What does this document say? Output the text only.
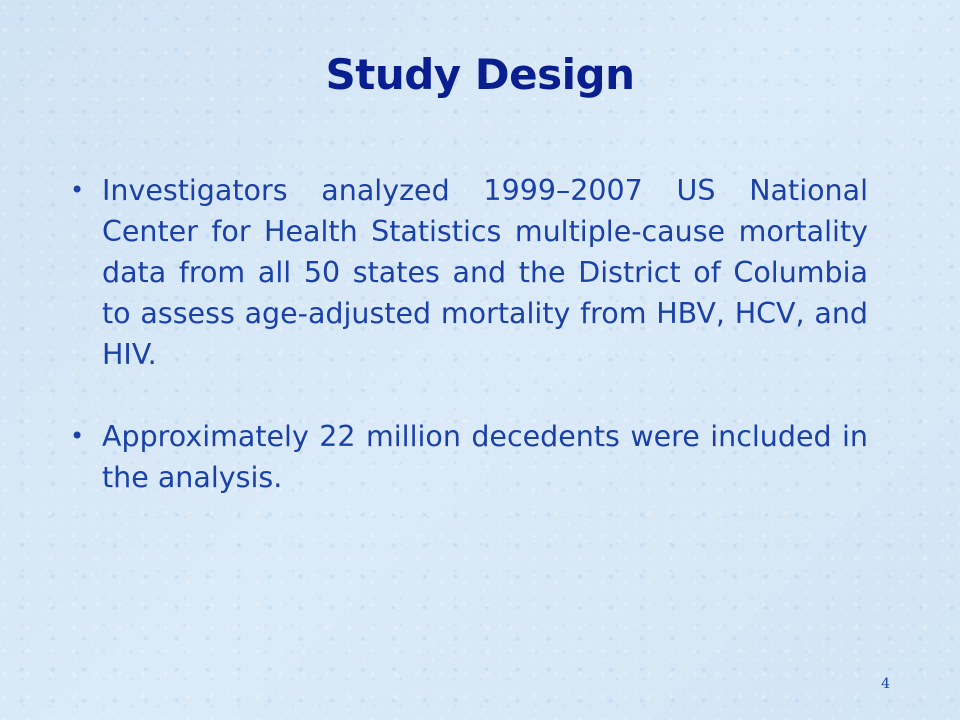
Study Design
• Investigators analyzed 1999–2007 US National Center for Health Statistics multiple-cause mortality data from all 50 states and the District of Columbia to assess age-adjusted mortality from HBV, HCV, and HIV.
• Approximately 22 million decedents were included in the analysis.
4
